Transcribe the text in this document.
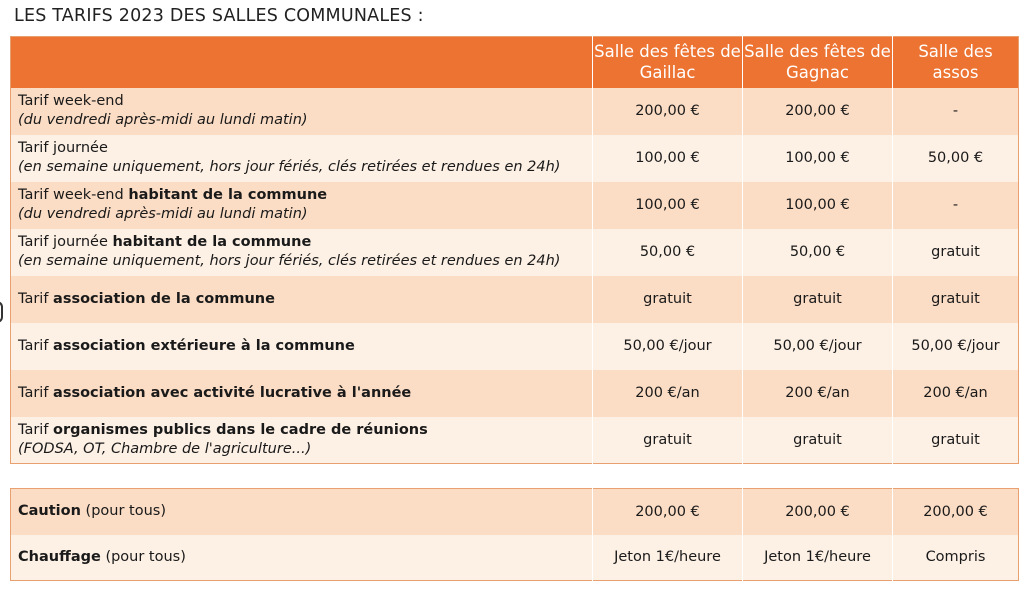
LES TARIFS 2023 DES SALLES COMMUNALES :
	Salle des fêtes de Gaillac	Salle des fêtes de Gagnac	Salle des assos
Tarif week-end
(du vendredi après-midi au lundi matin)	200,00 €	200,00 €	-
Tarif journée
(en semaine uniquement, hors jour fériés, clés retirées et rendues en 24h)	100,00 €	100,00 €	50,00 €
Tarif week-end habitant de la commune
(du vendredi après-midi au lundi matin)	100,00 €	100,00 €	-
Tarif journée habitant de la commune
(en semaine uniquement, hors jour fériés, clés retirées et rendues en 24h)	50,00 €	50,00 €	gratuit
Tarif association de la commune	gratuit	gratuit	gratuit
Tarif association extérieure à la commune	50,00 €/jour	50,00 €/jour	50,00 €/jour
Tarif association avec activité lucrative à l'année	200 €/an	200 €/an	200 €/an
Tarif organismes publics dans le cadre de réunions
(FODSA, OT, Chambre de l'agriculture...)	gratuit	gratuit	gratuit
Caution (pour tous)	200,00 €	200,00 €	200,00 €
Chauffage (pour tous)	Jeton 1€/heure	Jeton 1€/heure	Compris
